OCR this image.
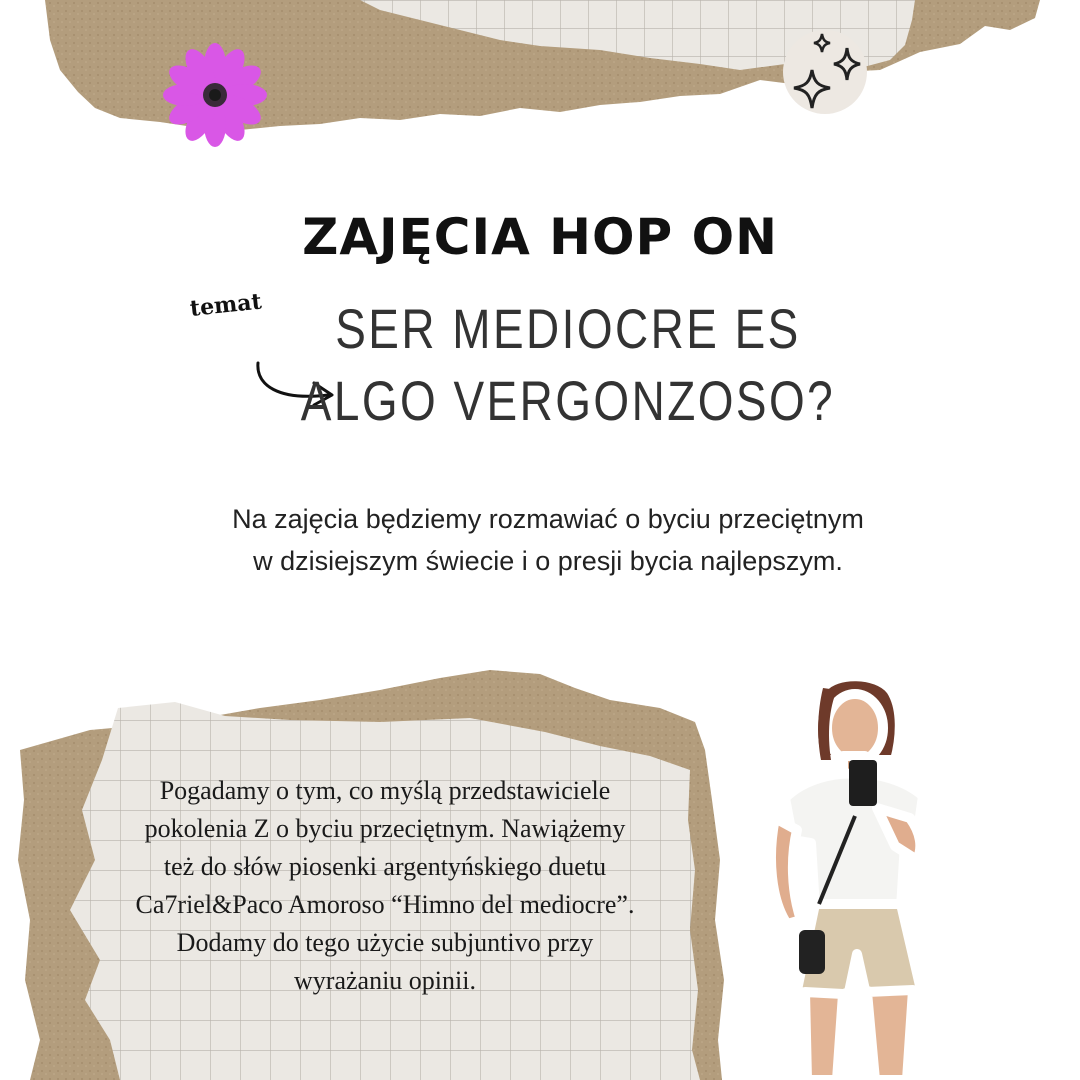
ZAJĘCIA HOP ON
temat	SER MEDIOCRE ES
ALGO VERGONZOSO?
Na zajęcia będziemy rozmawiać o byciu przeciętnym
w dzisiejszym świecie i o presji bycia najlepszym.
Pogadamy o tym, co myślą przedstawiciele
pokolenia Z o byciu przeciętnym. Nawiążemy
też do słów piosenki argentyńskiego duetu
Ca7riel&Paco Amoroso “Himno del mediocre”.
Dodamy do tego użycie subjuntivo przy
wyrażaniu opinii.
